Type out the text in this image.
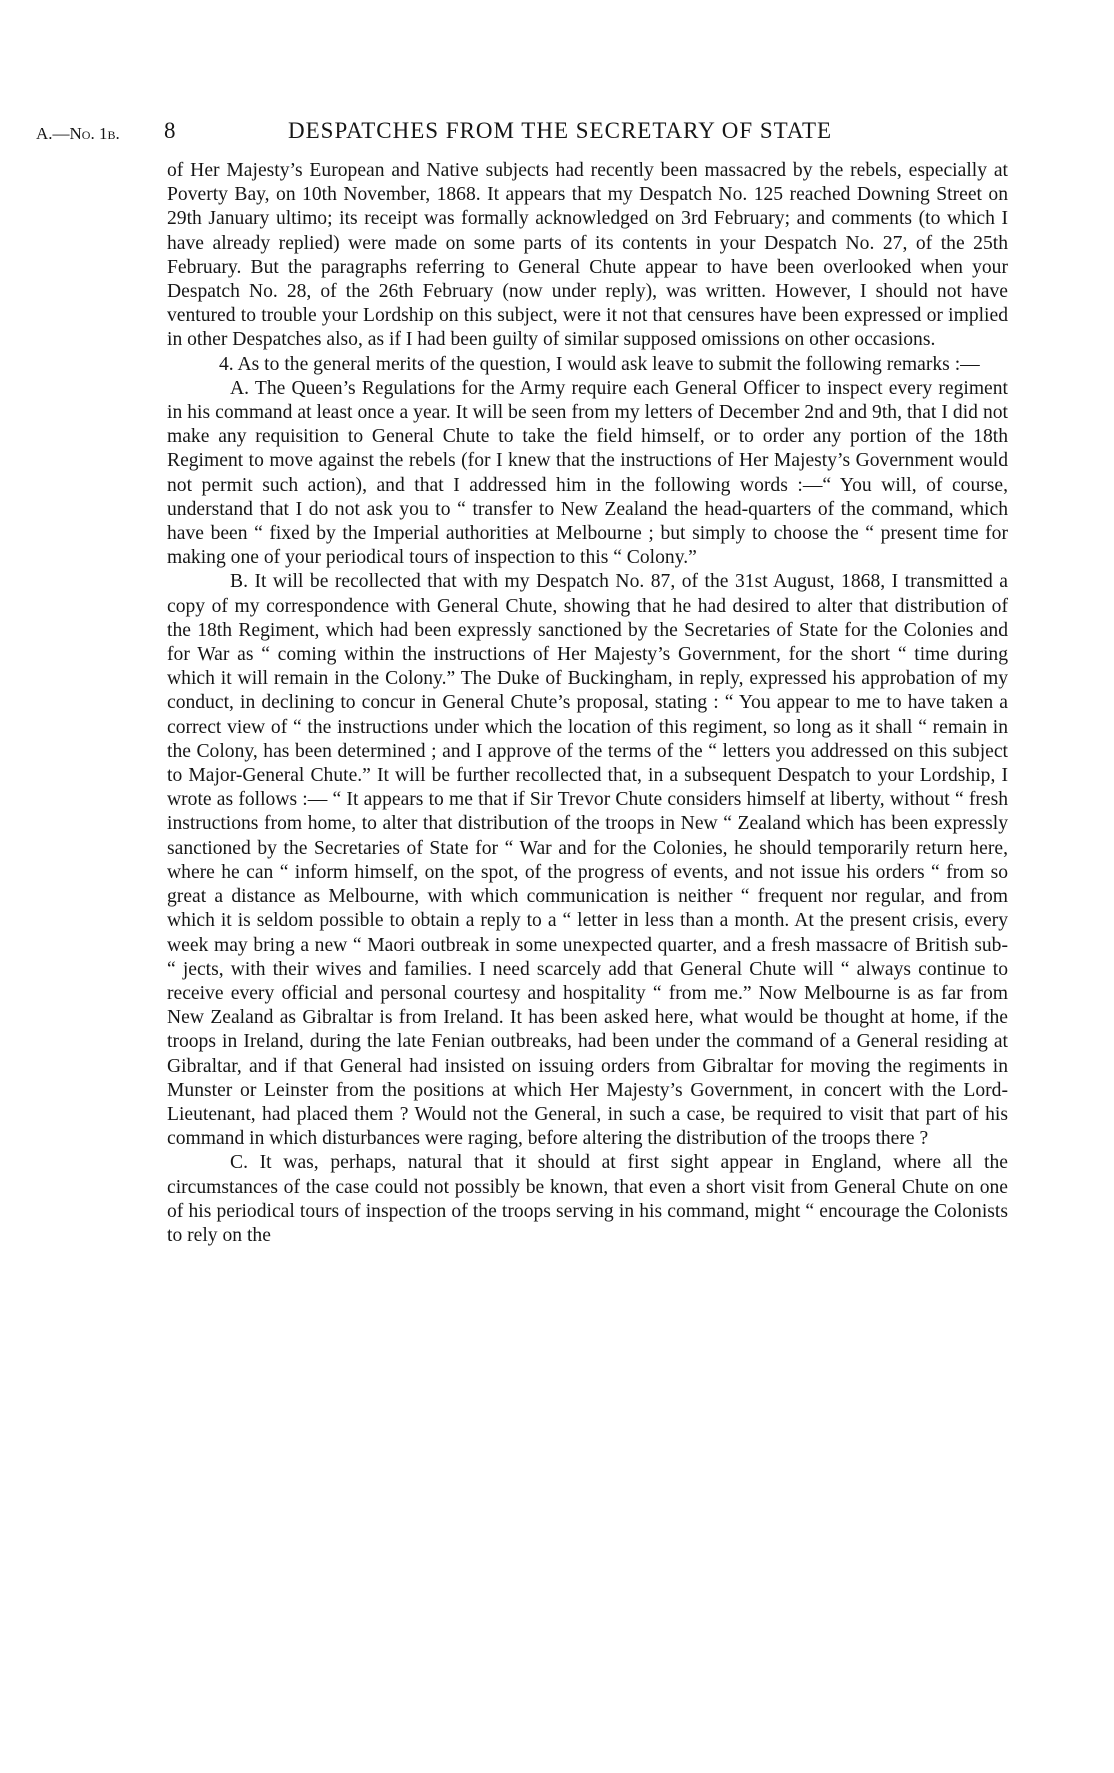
A.—No. 1b. 8	DESPATCHES FROM THE SECRETARY OF STATE

of Her Majesty’s European and Native subjects had recently been massacred by the rebels, especially at Poverty Bay, on 10th November, 1868. It appears that my Despatch No. 125 reached Downing Street on 29th January ultimo; its receipt was formally acknowledged on 3rd February; and comments (to which I have already replied) were made on some parts of its contents in your Despatch No. 27, of the 25th February. But the paragraphs referring to General Chute appear to have been overlooked when your Despatch No. 28, of the 26th February (now under reply), was written. However, I should not have ventured to trouble your Lordship on this subject, were it not that censures have been expressed or implied in other Despatches also, as if I had been guilty of similar supposed omissions on other occasions.

4. As to the general merits of the question, I would ask leave to submit the following remarks :—

A. The Queen’s Regulations for the Army require each General Officer to inspect every regiment in his command at least once a year. It will be seen from my letters of December 2nd and 9th, that I did not make any requisition to General Chute to take the field himself, or to order any portion of the 18th Regiment to move against the rebels (for I knew that the instructions of Her Majesty’s Government would not permit such action), and that I addressed him in the following words :—“ You will, of course, understand that I do not ask you to “ transfer to New Zealand the head-quarters of the command, which have been “ fixed by the Imperial authorities at Melbourne ; but simply to choose the “ present time for making one of your periodical tours of inspection to this “ Colony.”

B. It will be recollected that with my Despatch No. 87, of the 31st August, 1868, I transmitted a copy of my correspondence with General Chute, showing that he had desired to alter that distribution of the 18th Regiment, which had been expressly sanctioned by the Secretaries of State for the Colonies and for War as “ coming within the instructions of Her Majesty’s Government, for the short “ time during which it will remain in the Colony.” The Duke of Buckingham, in reply, expressed his approbation of my conduct, in declining to concur in General Chute’s proposal, stating : “ You appear to me to have taken a correct view of “ the instructions under which the location of this regiment, so long as it shall “ remain in the Colony, has been determined ; and I approve of the terms of the “ letters you addressed on this subject to Major-General Chute.” It will be further recollected that, in a subsequent Despatch to your Lordship, I wrote as follows :— “ It appears to me that if Sir Trevor Chute considers himself at liberty, without “ fresh instructions from home, to alter that distribution of the troops in New “ Zealand which has been expressly sanctioned by the Secretaries of State for “ War and for the Colonies, he should temporarily return here, where he can “ inform himself, on the spot, of the progress of events, and not issue his orders “ from so great a distance as Melbourne, with which communication is neither “ frequent nor regular, and from which it is seldom possible to obtain a reply to a “ letter in less than a month. At the present crisis, every week may bring a new “ Maori outbreak in some unexpected quarter, and a fresh massacre of British sub- “ jects, with their wives and families. I need scarcely add that General Chute will “ always continue to receive every official and personal courtesy and hospitality “ from me.” Now Melbourne is as far from New Zealand as Gibraltar is from Ireland. It has been asked here, what would be thought at home, if the troops in Ireland, during the late Fenian outbreaks, had been under the command of a General residing at Gibraltar, and if that General had insisted on issuing orders from Gibraltar for moving the regiments in Munster or Leinster from the positions at which Her Majesty’s Government, in concert with the Lord-Lieutenant, had placed them ? Would not the General, in such a case, be required to visit that part of his command in which disturbances were raging, before altering the distribution of the troops there ?

C. It was, perhaps, natural that it should at first sight appear in England, where all the circumstances of the case could not possibly be known, that even a short visit from General Chute on one of his periodical tours of inspection of the troops serving in his command, might “ encourage the Colonists to rely on the
